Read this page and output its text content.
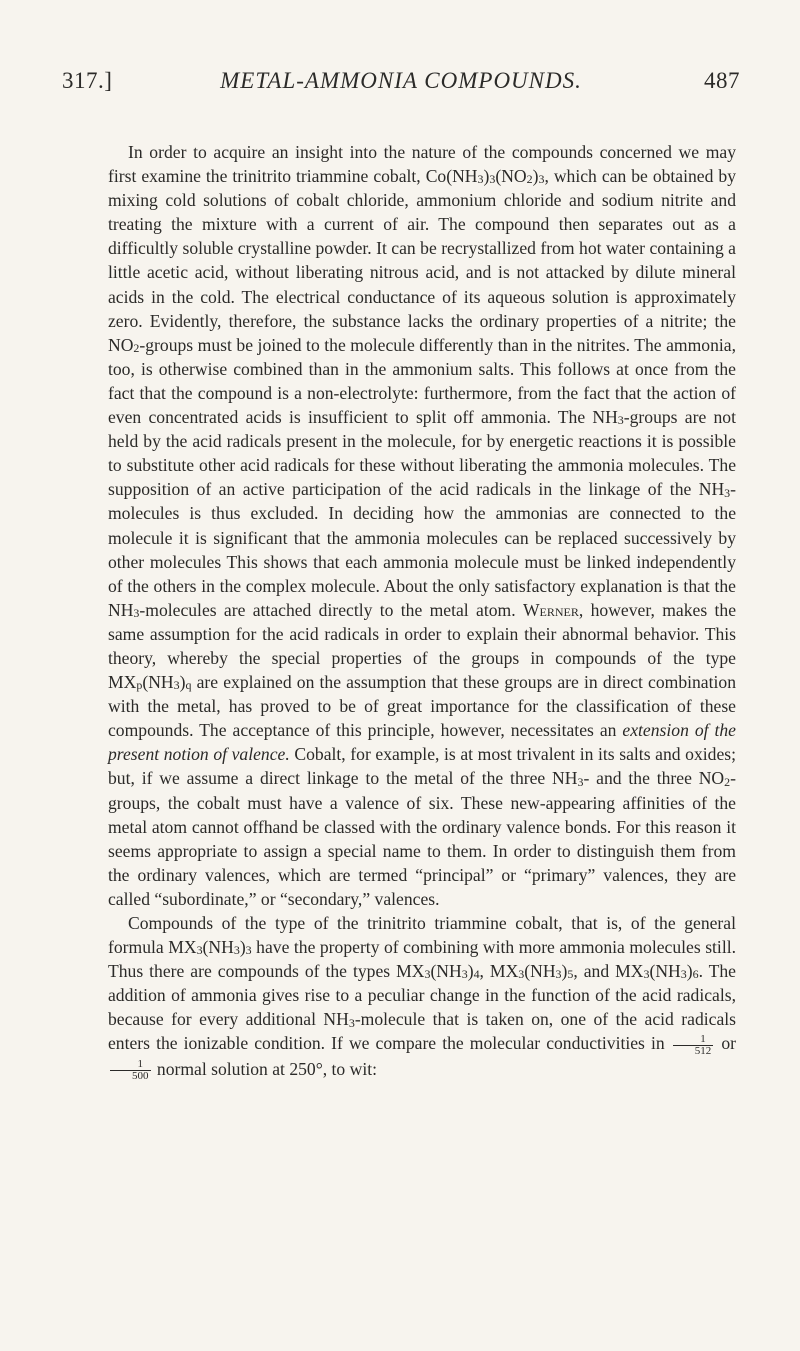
317.]	METAL-AMMONIA COMPOUNDS.	487

In order to acquire an insight into the nature of the compounds concerned we may first examine the trinitrito triammine cobalt, $Co(NH_3)_3(NO_2)_3$, which can be obtained by mixing cold solutions of cobalt chloride, ammonium chloride and sodium nitrite and treating the mixture with a current of air. The compound then separates out as a difficultly soluble crystalline powder. It can be recrystallized from hot water containing a little acetic acid, without liberating nitrous acid, and is not attacked by dilute mineral acids in the cold. The electrical conductance of its aqueous solution is approximately zero. Evidently, therefore, the substance lacks the ordinary properties of a nitrite; the $NO_2$-groups must be joined to the molecule differently than in the nitrites. The ammonia, too, is otherwise combined than in the ammonium salts. This follows at once from the fact that the compound is a non-electrolyte: furthermore, from the fact that the action of even concentrated acids is insufficient to split off ammonia. The $NH_3$-groups are not held by the acid radicals present in the molecule, for by energetic reactions it is possible to substitute other acid radicals for these without liberating the ammonia molecules. The supposition of an active participation of the acid radicals in the linkage of the $NH_3$-molecules is thus excluded. In deciding how the ammonias are connected to the molecule it is significant that the ammonia molecules can be replaced successively by other molecules This shows that each ammonia molecule must be linked independently of the others in the complex molecule. About the only satisfactory explanation is that the $NH_3$-molecules are attached directly to the metal atom. Werner, however, makes the same assumption for the acid radicals in order to explain their abnormal behavior. This theory, whereby the special properties of the groups in compounds of the type $MX_p(NH_3)_q$ are explained on the assumption that these groups are in direct combination with the metal, has proved to be of great importance for the classification of these compounds. The acceptance of this principle, however, necessitates an extension of the present notion of valence. Cobalt, for example, is at most trivalent in its salts and oxides; but, if we assume a direct linkage to the metal of the three $NH_3-$ and the three $NO_2$-groups, the cobalt must have a valence of six. These new-appearing affinities of the metal atom cannot offhand be classed with the ordinary valence bonds. For this reason it seems appropriate to assign a special name to them. In order to distinguish them from the ordinary valences, which are termed “principal” or “primary” valences, they are called “subordinate,” or “secondary,” valences.

Compounds of the type of the trinitrito triammine cobalt, that is, of the general formula $MX_3(NH_3)_3$ have the property of combining with more ammonia molecules still. Thus there are compounds of the types $MX_3(NH_3)_4$, $MX_3(NH_3)_5$, and $MX_3(NH_3)_6$. The addition of ammonia gives rise to a peculiar change in the function of the acid radicals, because for every additional $NH_3$-molecule that is taken on, one of the acid radicals enters the ionizable condition. If we compare the molecular conductivities in $\frac{1}{512}$ or
$\frac{1}{500}$ normal solution at 250°, to wit:
